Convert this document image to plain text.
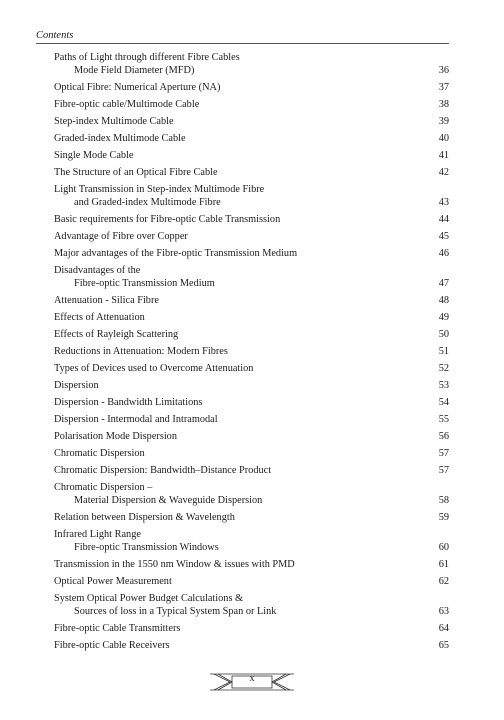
Contents
Paths of Light through different Fibre Cables
Mode Field Diameter (MFD)	36
Optical Fibre: Numerical Aperture (NA)	37
Fibre-optic cable/Multimode Cable	38
Step-index Multimode Cable	39
Graded-index Multimode Cable	40
Single Mode Cable	41
The Structure of an Optical Fibre Cable	42
Light Transmission in Step-index Multimode Fibre
and Graded-index Multimode Fibre	43
Basic requirements for Fibre-optic Cable Transmission	44
Advantage of Fibre over Copper	45
Major advantages of the Fibre-optic Transmission Medium	46
Disadvantages of the
Fibre-optic Transmission Medium	47
Attenuation - Silica Fibre	48
Effects of Attenuation	49
Effects of Rayleigh Scattering	50
Reductions in Attenuation: Modern Fibres	51
Types of Devices used to Overcome Attenuation	52
Dispersion	53
Dispersion - Bandwidth Limitations	54
Dispersion - Intermodal and Intramodal	55
Polarisation Mode Dispersion	56
Chromatic Dispersion	57
Chromatic Dispersion: Bandwidth–Distance Product	57
Chromatic Dispersion –
Material Dispersion & Waveguide Dispersion	58
Relation between Dispersion & Wavelength	59
Infrared Light Range
Fibre-optic Transmission Windows	60
Transmission in the 1550 nm Window & issues with PMD	61
Optical Power Measurement	62
System Optical Power Budget Calculations &
Sources of loss in a Typical System Span or Link	63
Fibre-optic Cable Transmitters	64
Fibre-optic Cable Receivers	65
x
